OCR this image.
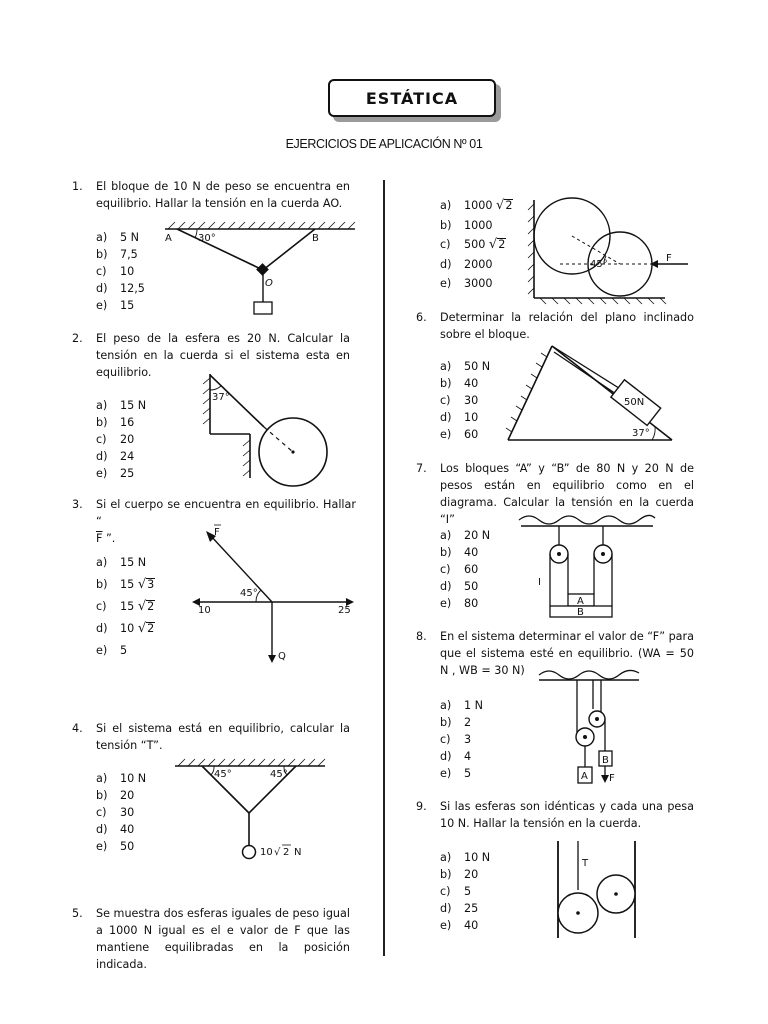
ESTÁTICA
EJERCICIOS DE APLICACIÓN Nº 01
1. El bloque de 10 N de peso se encuentra en equilibrio. Hallar la tensión en la cuerda AO.
a) 5 N
b) 7,5
c) 10
d) 12,5
e) 15
A	30°	B
O
2. El peso de la esfera es 20 N. Calcular la tensión en la cuerda si el sistema esta en equilibrio.
a) 15 N
b) 16
c) 20
d) 24
e) 25
37°
3. Si el cuerpo se encuentra en equilibrio. Hallar “
$\overline{F}$ ”.
a) 15 N
b) 15 √3
c) 15 √2
d) 10 √2
e) 5
F
45°
10	25
Q
4. Si el sistema está en equilibrio, calcular la tensión “T”.
a) 10 N
b) 20
c) 30
d) 40
e) 50
45°	45°
10 √ 2 N
5. Se muestra dos esferas iguales de peso igual a 1000 N igual es el e valor de F que las mantiene equilibradas en la posición indicada.
a) 1000 √2
b) 1000
c) 500 √2
d) 2000
e) 3000
45°
F
6. Determinar la relación del plano inclinado sobre el bloque.
a) 50 N
b) 40
c) 30
d) 10
e) 60
50N
37°
7. Los bloques “A” y “B” de 80 N y 20 N de pesos están en equilibrio como en el diagrama. Calcular la tensión en la cuerda “I”
a) 20 N
b) 40
c) 60
d) 50
e) 80
I
A
B
8. En el sistema determinar el valor de “F” para que el sistema esté en equilibrio. (WA = 50 N , WB = 30 N)
a) 1 N
b) 2
c) 3
d) 4
e) 5
B
A F
9. Si las esferas son idénticas y cada una pesa 10 N. Hallar la tensión en la cuerda.
a) 10 N
b) 20
c) 5
d) 25
e) 40
T
